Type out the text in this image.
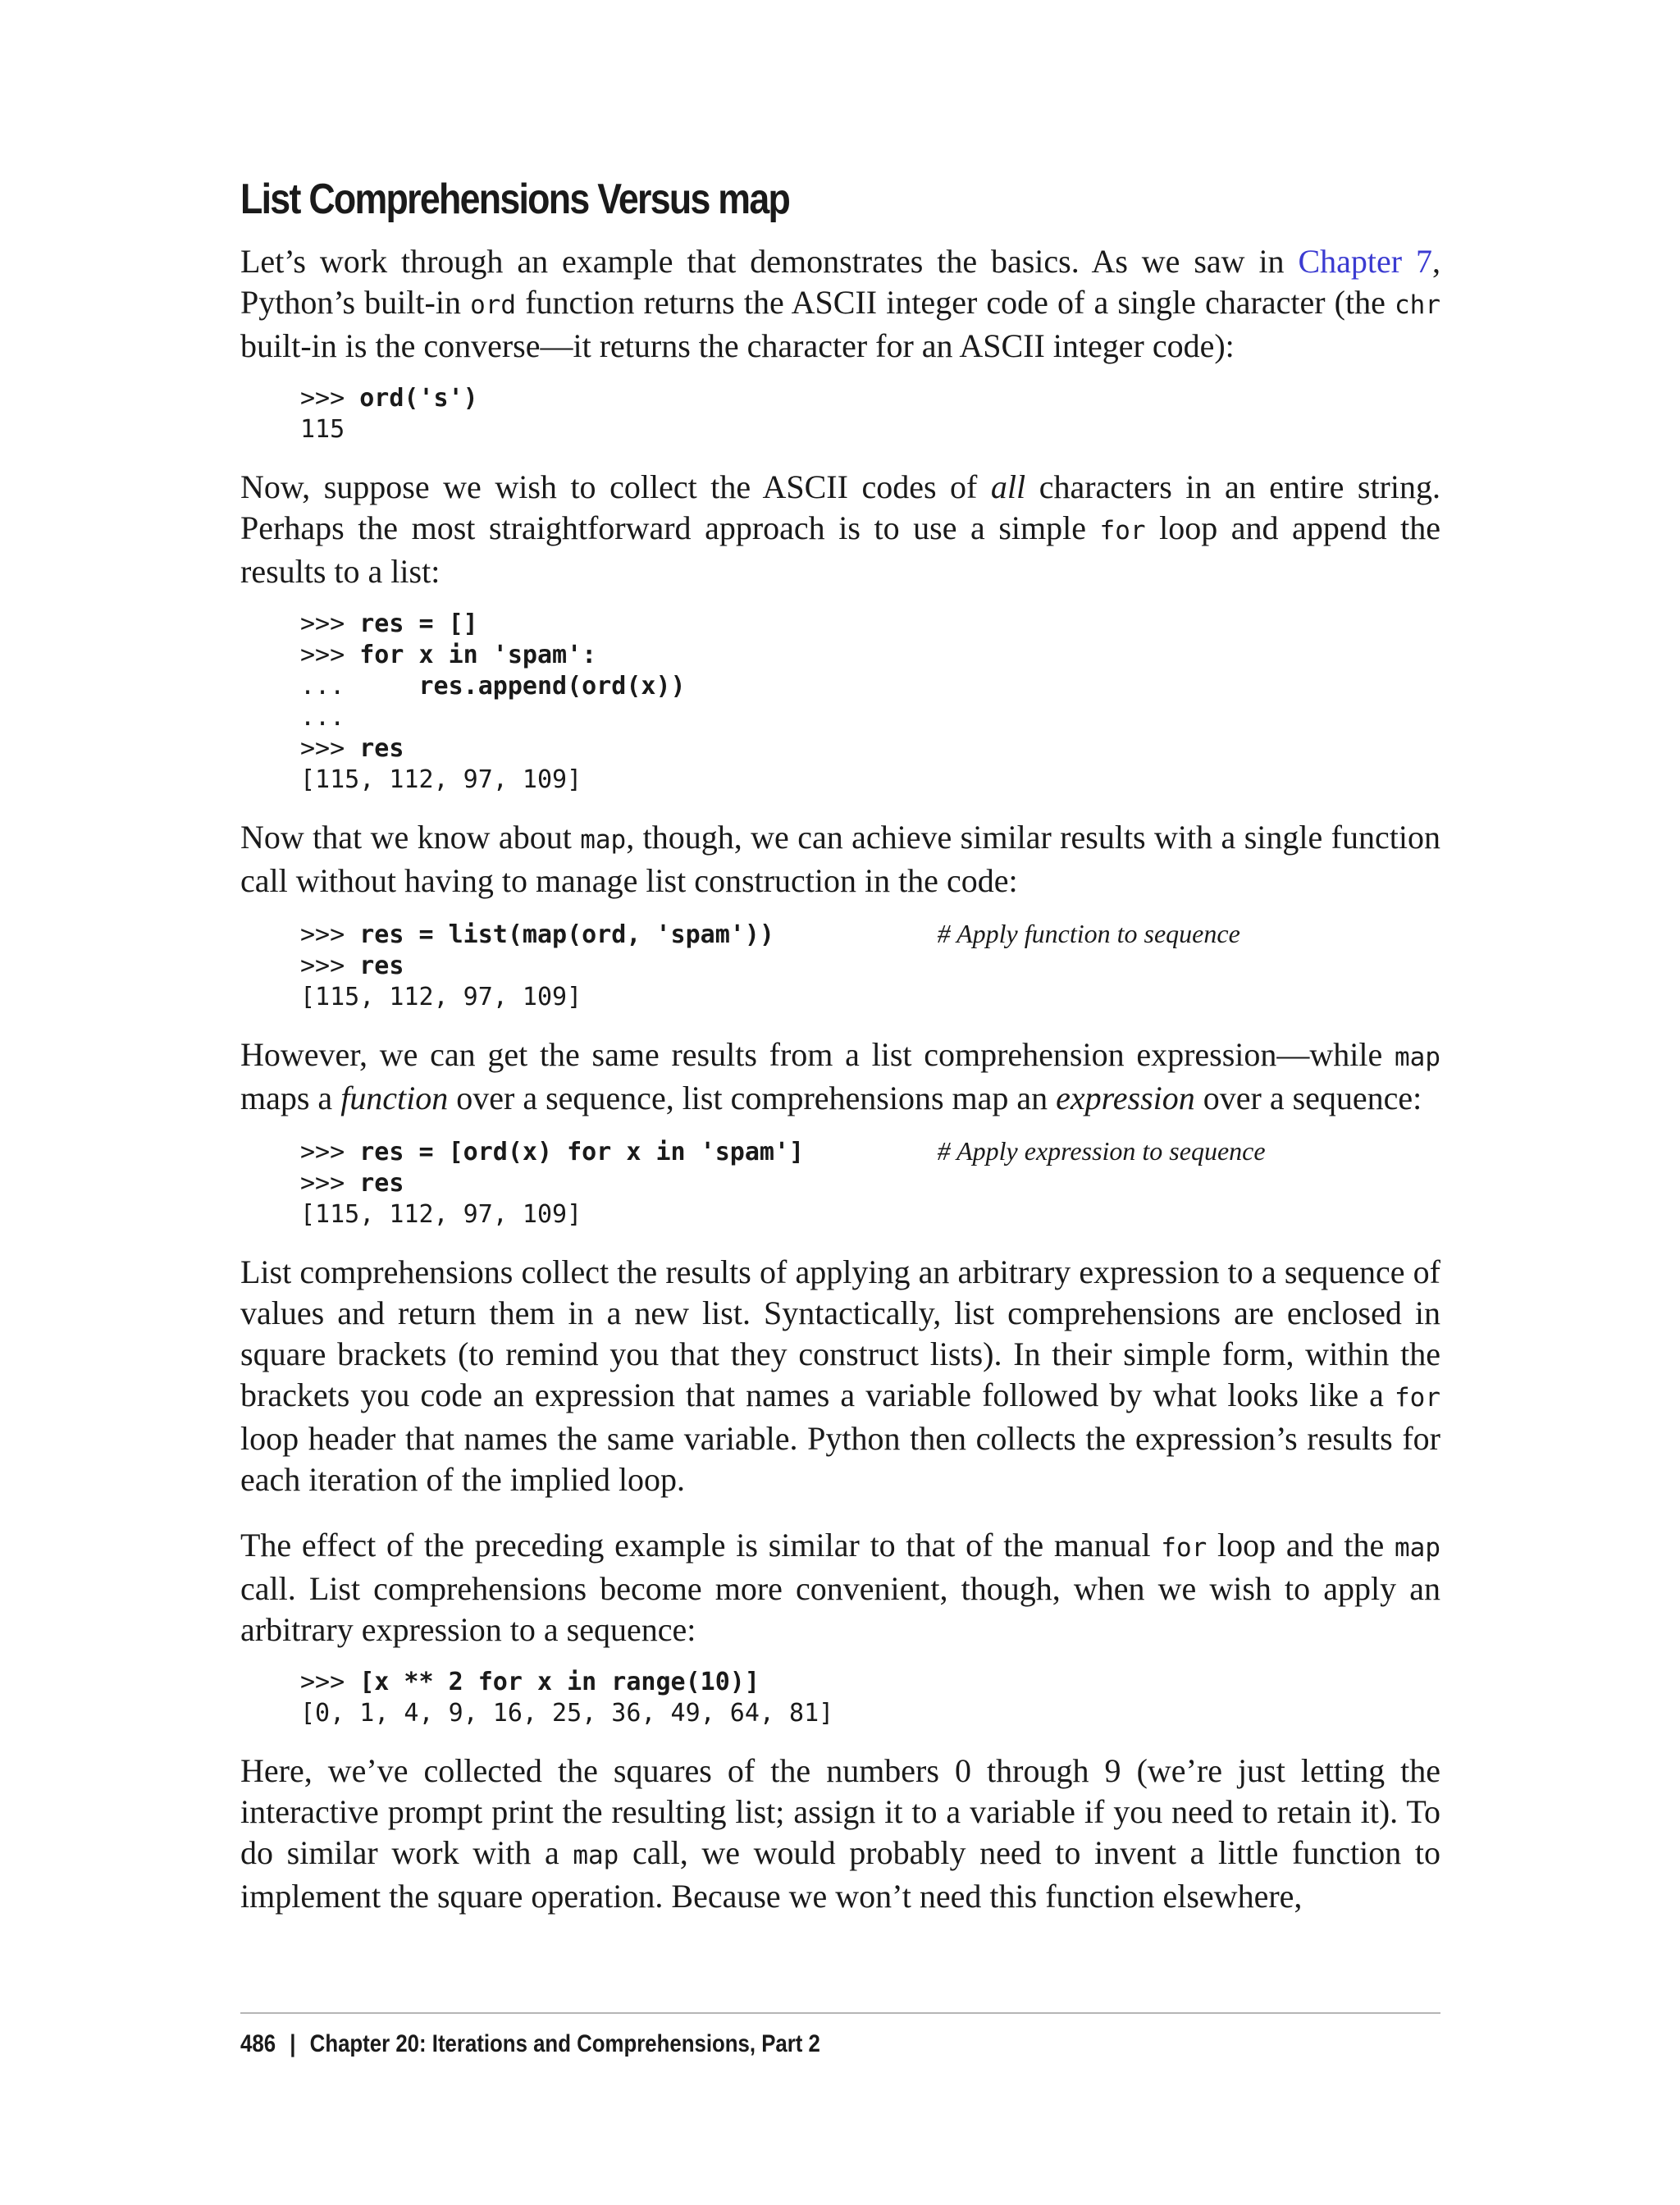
List Comprehensions Versus map

Let’s work through an example that demonstrates the basics. As we saw in Chapter 7, Python’s built-in ord function returns the ASCII integer code of a single character (the chr built-in is the converse—it returns the character for an ASCII integer code):

>>> ord('s')
115

Now, suppose we wish to collect the ASCII codes of all characters in an entire string. Perhaps the most straightforward approach is to use a simple for loop and append the results to a list:

>>> res = []
>>> for x in 'spam':
...     res.append(ord(x))
...
>>> res
[115, 112, 97, 109]

Now that we know about map, though, we can achieve similar results with a single function call without having to manage list construction in the code:

>>> res = list(map(ord, 'spam'))	# Apply function to sequence
>>> res
[115, 112, 97, 109]

However, we can get the same results from a list comprehension expression—while map maps a function over a sequence, list comprehensions map an expression over a sequence:

>>> res = [ord(x) for x in 'spam']	# Apply expression to sequence
>>> res
[115, 112, 97, 109]

List comprehensions collect the results of applying an arbitrary expression to a sequence of values and return them in a new list. Syntactically, list comprehensions are enclosed in square brackets (to remind you that they construct lists). In their simple form, within the brackets you code an expression that names a variable followed by what looks like a for loop header that names the same variable. Python then collects the expression’s results for each iteration of the implied loop.

The effect of the preceding example is similar to that of the manual for loop and the map call. List comprehensions become more convenient, though, when we wish to apply an arbitrary expression to a sequence:

>>> [x ** 2 for x in range(10)]
[0, 1, 4, 9, 16, 25, 36, 49, 64, 81]

Here, we’ve collected the squares of the numbers 0 through 9 (we’re just letting the interactive prompt print the resulting list; assign it to a variable if you need to retain it). To do similar work with a map call, we would probably need to invent a little function to implement the square operation. Because we won’t need this function elsewhere,

486 | Chapter 20: Iterations and Comprehensions, Part 2
